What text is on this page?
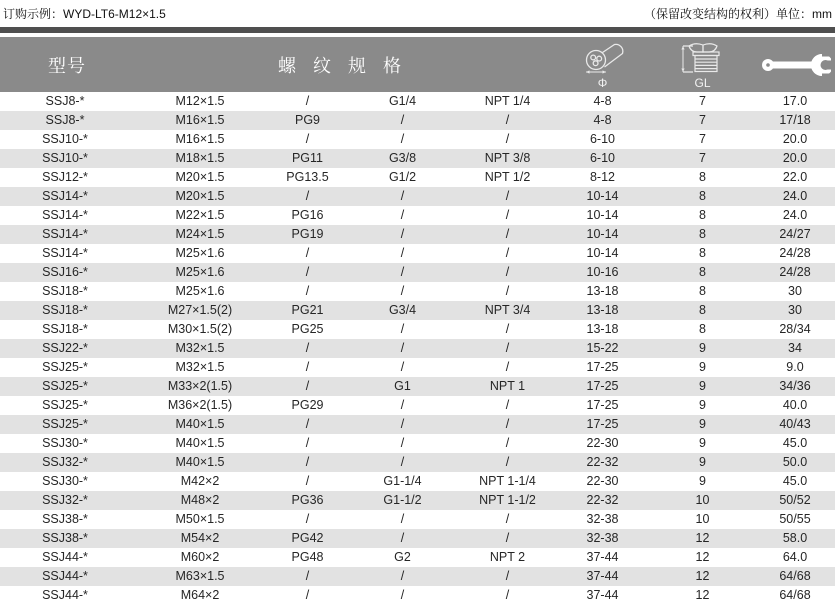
订购示例：WYD-LT6-M12×1.5	（保留改变结构的权利）单位：mm
型号	螺 纹 规 格
Φ	GL
SSJ8-*	M12×1.5	/	G1/4	NPT 1/4	4-8	7	17.0
SSJ8-*	M16×1.5	PG9	/	/	4-8	7	17/18
SSJ10-*	M16×1.5	/	/	/	6-10	7	20.0
SSJ10-*	M18×1.5	PG11	G3/8	NPT 3/8	6-10	7	20.0
SSJ12-*	M20×1.5	PG13.5	G1/2	NPT 1/2	8-12	8	22.0
SSJ14-*	M20×1.5	/	/	/	10-14	8	24.0
SSJ14-*	M22×1.5	PG16	/	/	10-14	8	24.0
SSJ14-*	M24×1.5	PG19	/	/	10-14	8	24/27
SSJ14-*	M25×1.6	/	/	/	10-14	8	24/28
SSJ16-*	M25×1.6	/	/	/	10-16	8	24/28
SSJ18-*	M25×1.6	/	/	/	13-18	8	30
SSJ18-*	M27×1.5(2)	PG21	G3/4	NPT 3/4	13-18	8	30
SSJ18-*	M30×1.5(2)	PG25	/	/	13-18	8	28/34
SSJ22-*	M32×1.5	/	/	/	15-22	9	34
SSJ25-*	M32×1.5	/	/	/	17-25	9	9.0
SSJ25-*	M33×2(1.5)	/	G1	NPT 1	17-25	9	34/36
SSJ25-*	M36×2(1.5)	PG29	/	/	17-25	9	40.0
SSJ25-*	M40×1.5	/	/	/	17-25	9	40/43
SSJ30-*	M40×1.5	/	/	/	22-30	9	45.0
SSJ32-*	M40×1.5	/	/	/	22-32	9	50.0
SSJ30-*	M42×2	/	G1-1/4	NPT 1-1/4	22-30	9	45.0
SSJ32-*	M48×2	PG36	G1-1/2	NPT 1-1/2	22-32	10	50/52
SSJ38-*	M50×1.5	/	/	/	32-38	10	50/55
SSJ38-*	M54×2	PG42	/	/	32-38	12	58.0
SSJ44-*	M60×2	PG48	G2	NPT 2	37-44	12	64.0
SSJ44-*	M63×1.5	/	/	/	37-44	12	64/68
SSJ44-*	M64×2	/	/	/	37-44	12	64/68
